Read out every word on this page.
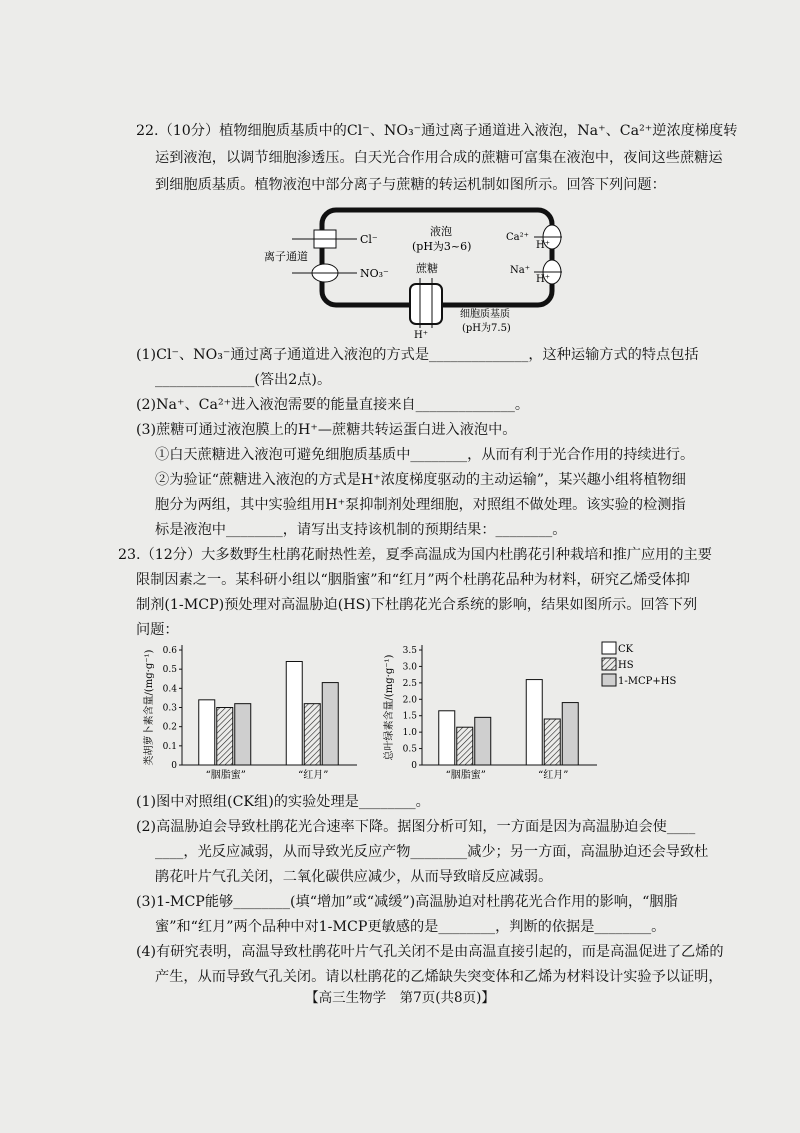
22.（10分）植物细胞质基质中的Cl⁻、NO₃⁻通过离子通道进入液泡，Na⁺、Ca²⁺逆浓度梯度转
运到液泡，以调节细胞渗透压。白天光合作用合成的蔗糖可富集在液泡中，夜间这些蔗糖运
到细胞质基质。植物液泡中部分离子与蔗糖的转运机制如图所示。回答下列问题：
液泡
(pH为3~6)
Cl⁻
NO₃⁻
离子通道
蔗糖
H⁺
Ca²⁺
H⁺
Na⁺
H⁺
细胞质基质
(pH为7.5)
(1)Cl⁻、NO₃⁻通过离子通道进入液泡的方式是______________，这种运输方式的特点包括
______________(答出2点)。
(2)Na⁺、Ca²⁺进入液泡需要的能量直接来自______________。
(3)蔗糖可通过液泡膜上的H⁺—蔗糖共转运蛋白进入液泡中。
①白天蔗糖进入液泡可避免细胞质基质中________，从而有利于光合作用的持续进行。
②为验证“蔗糖进入液泡的方式是H⁺浓度梯度驱动的主动运输”，某兴趣小组将植物细
胞分为两组，其中实验组用H⁺泵抑制剂处理细胞，对照组不做处理。该实验的检测指
标是液泡中________，请写出支持该机制的预期结果：________。
23.（12分）大多数野生杜鹃花耐热性差，夏季高温成为国内杜鹃花引种栽培和推广应用的主要
限制因素之一。某科研小组以“胭脂蜜”和“红月”两个杜鹃花品种为材料，研究乙烯受体抑
制剂(1-MCP)预处理对高温胁迫(HS)下杜鹃花光合系统的影响，结果如图所示。回答下列
问题：
0
0.1
0.2
0.3
0.4
0.5
0.6
类胡萝卜素含量/(mg·g⁻¹)
“胭脂蜜”	“红月”
0
0.5
1.0
1.5
2.0
2.5
3.0
3.5
总叶绿素含量/(mg·g⁻¹)
“胭脂蜜”	“红月”
CK
HS
1-MCP+HS
(1)图中对照组(CK组)的实验处理是________。
(2)高温胁迫会导致杜鹃花光合速率下降。据图分析可知，一方面是因为高温胁迫会使____
____，光反应减弱，从而导致光反应产物________减少；另一方面，高温胁迫还会导致杜
鹃花叶片气孔关闭，二氧化碳供应减少，从而导致暗反应减弱。
(3)1-MCP能够________(填“增加”或“减缓”)高温胁迫对杜鹃花光合作用的影响，“胭脂
蜜”和“红月”两个品种中对1-MCP更敏感的是________，判断的依据是________。
(4)有研究表明，高温导致杜鹃花叶片气孔关闭不是由高温直接引起的，而是高温促进了乙烯的
产生，从而导致气孔关闭。请以杜鹃花的乙烯缺失突变体和乙烯为材料设计实验予以证明，
【高三生物学　第7页(共8页)】
